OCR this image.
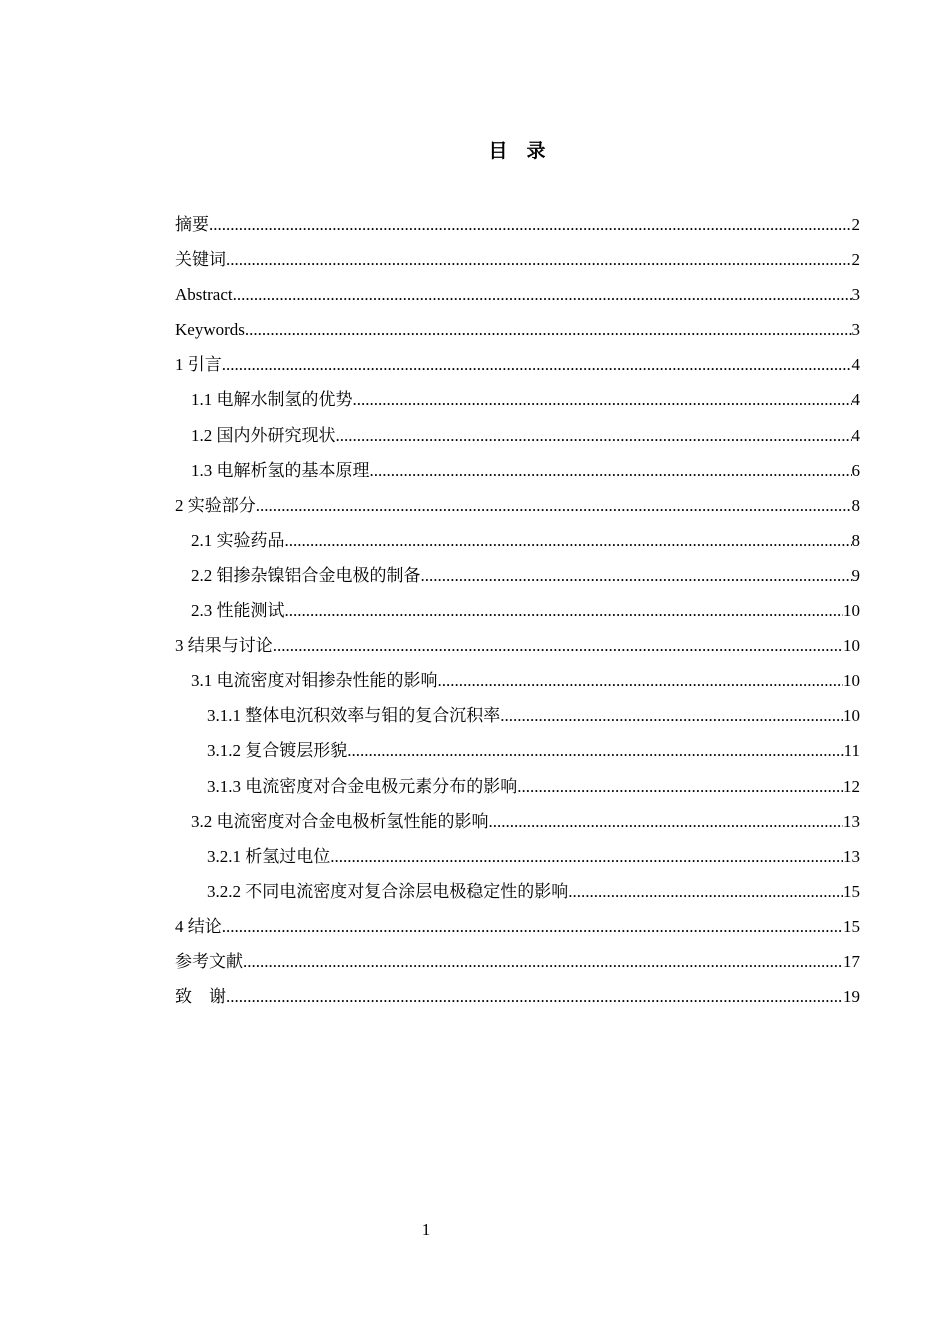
目    录
摘要 .....	2
关键词 .....	2
Abstract .....	3
Keywords .....	3
1 引言 .....	4
1.1 电解水制氢的优势 .....	4
1.2 国内外研究现状 .....	4
1.3 电解析氢的基本原理 .....	6
2 实验部分 .....	8
2.1 实验药品 .....	8
2.2 钼掺杂镍铝合金电极的制备 .....	9
2.3 性能测试 .....	10
3 结果与讨论 .....	10
3.1 电流密度对钼掺杂性能的影响 .....	10
3.1.1 整体电沉积效率与钼的复合沉积率 .....	10
3.1.2 复合镀层形貌 .....	11
3.1.3 电流密度对合金电极元素分布的影响 .....	12
3.2 电流密度对合金电极析氢性能的影响 .....	13
3.2.1 析氢过电位 .....	13
3.2.2 不同电流密度对复合涂层电极稳定性的影响 .....	15
4 结论 .....	15
参考文献 .....	17
致    谢 .....	19
1
